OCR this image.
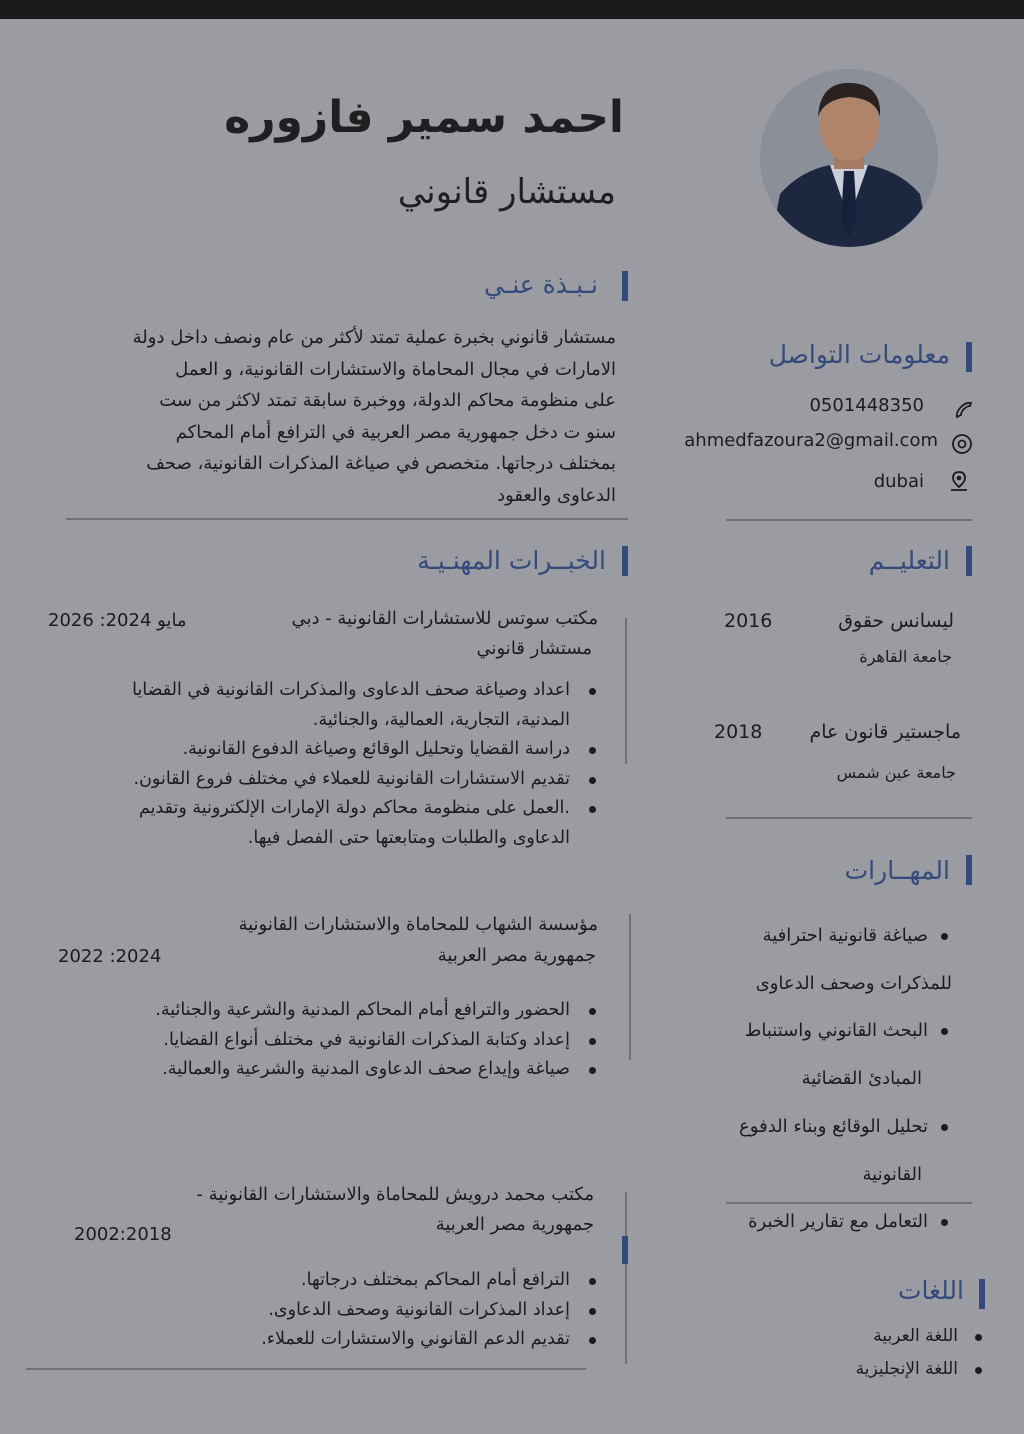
احمد سمير فازوره
مستشار قانوني
نـبـذة عنـي
مستشار قانوني بخبرة عملية تمتد لأكثر من عام ونصف داخل دولة
الامارات في مجال المحاماة والاستشارات القانونية، و العمل
على منظومة محاكم الدولة، ووخبرة سابقة تمتد لاكثر من ست
سنو ت دخل جمهورية مصر العربية في الترافع أمام المحاكم
بمختلف درجاتها. متخصص في صياغة المذكرات القانونية، صحف
الدعاوى والعقود
معلومات التواصل
0501448350
ahmedfazoura2@gmail.com
dubai
التعليــم
ليسانس حقوق
2016
جامعة القاهرة
ماجستير قانون عام
2018
جامعة عين شمس
المهــارات
صياغة قانونية احترافية
للمذكرات وصحف الدعاوى
البحث القانوني واستنباط
المبادئ القضائية
تحليل الوقائع وبناء الدفوع
القانونية
التعامل مع تقارير الخبرة
اللغات
اللغة العربية
اللغة الإنجليزية
الخبــرات المهنـيـة
مكتب سوتس للاستشارات القانونية - دبي
مايو 2024: 2026
مستشار قانوني
اعداد وصياغة صحف الدعاوى والمذكرات القانونية في القضايا
المدنية، التجارية، العمالية، والجنائية.
دراسة القضايا وتحليل الوقائع وصياغة الدفوع القانونية.
تقديم الاستشارات القانونية للعملاء في مختلف فروع القانون.
.العمل على منظومة محاكم دولة الإمارات الإلكترونية وتقديم
الدعاوى والطلبات ومتابعتها حتى الفصل فيها.
مؤسسة الشهاب للمحاماة والاستشارات القانونية
جمهورية مصر العربية
2024: 2022
الحضور والترافع أمام المحاكم المدنية والشرعية والجنائية.
إعداد وكتابة المذكرات القانونية في مختلف أنواع القضايا.
صياغة وإيداع صحف الدعاوى المدنية والشرعية والعمالية.
مكتب محمد درويش للمحاماة والاستشارات القانونية -
جمهورية مصر العربية
2002:2018
الترافع أمام المحاكم بمختلف درجاتها.
إعداد المذكرات القانونية وصحف الدعاوى.
تقديم الدعم القانوني والاستشارات للعملاء.
